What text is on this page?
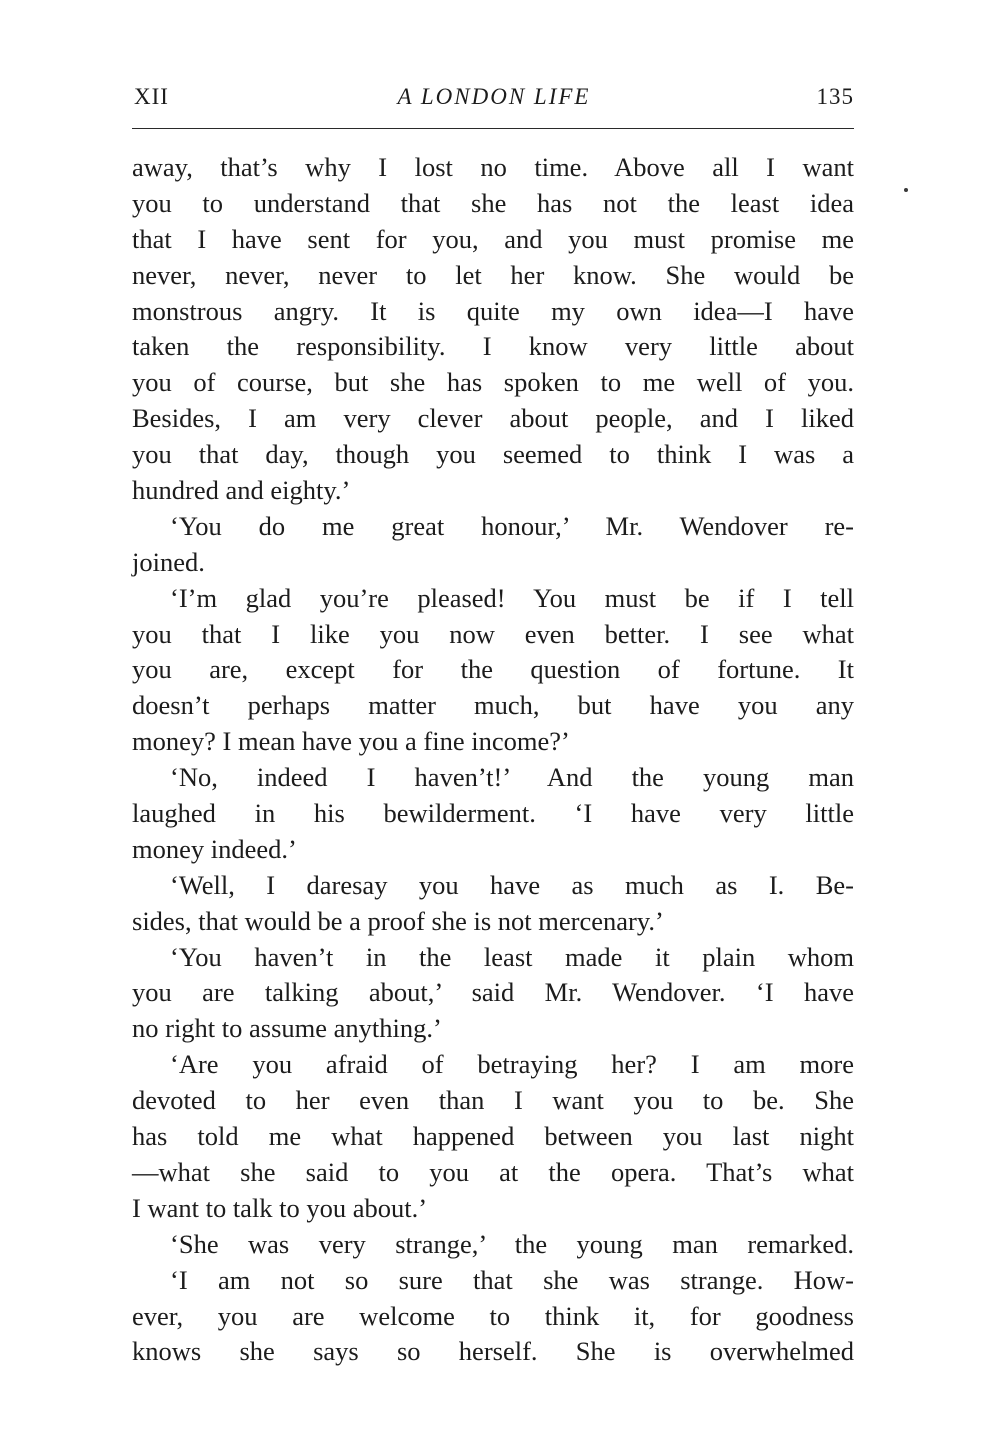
XII	A LONDON LIFE	135
away, that’s why I lost no time. Above all I want
you to understand that she has not the least idea
that I have sent for you, and you must promise me
never, never, never to let her know. She would be
monstrous angry. It is quite my own idea—I have
taken the responsibility. I know very little about
you of course, but she has spoken to me well of you.
Besides, I am very clever about people, and I liked
you that day, though you seemed to think I was a
hundred and eighty.’
‘You do me great honour,’ Mr. Wendover re-
joined.
‘I’m glad you’re pleased! You must be if I tell
you that I like you now even better. I see what
you are, except for the question of fortune. It
doesn’t perhaps matter much, but have you any
money? I mean have you a fine income?’
‘No, indeed I haven’t!’ And the young man
laughed in his bewilderment. ‘I have very little
money indeed.’
‘Well, I daresay you have as much as I. Be-
sides, that would be a proof she is not mercenary.’
‘You haven’t in the least made it plain whom
you are talking about,’ said Mr. Wendover. ‘I have
no right to assume anything.’
‘Are you afraid of betraying her? I am more
devoted to her even than I want you to be. She
has told me what happened between you last night
—what she said to you at the opera. That’s what
I want to talk to you about.’
‘She was very strange,’ the young man remarked.
‘I am not so sure that she was strange. How-
ever, you are welcome to think it, for goodness
knows she says so herself. She is overwhelmed
